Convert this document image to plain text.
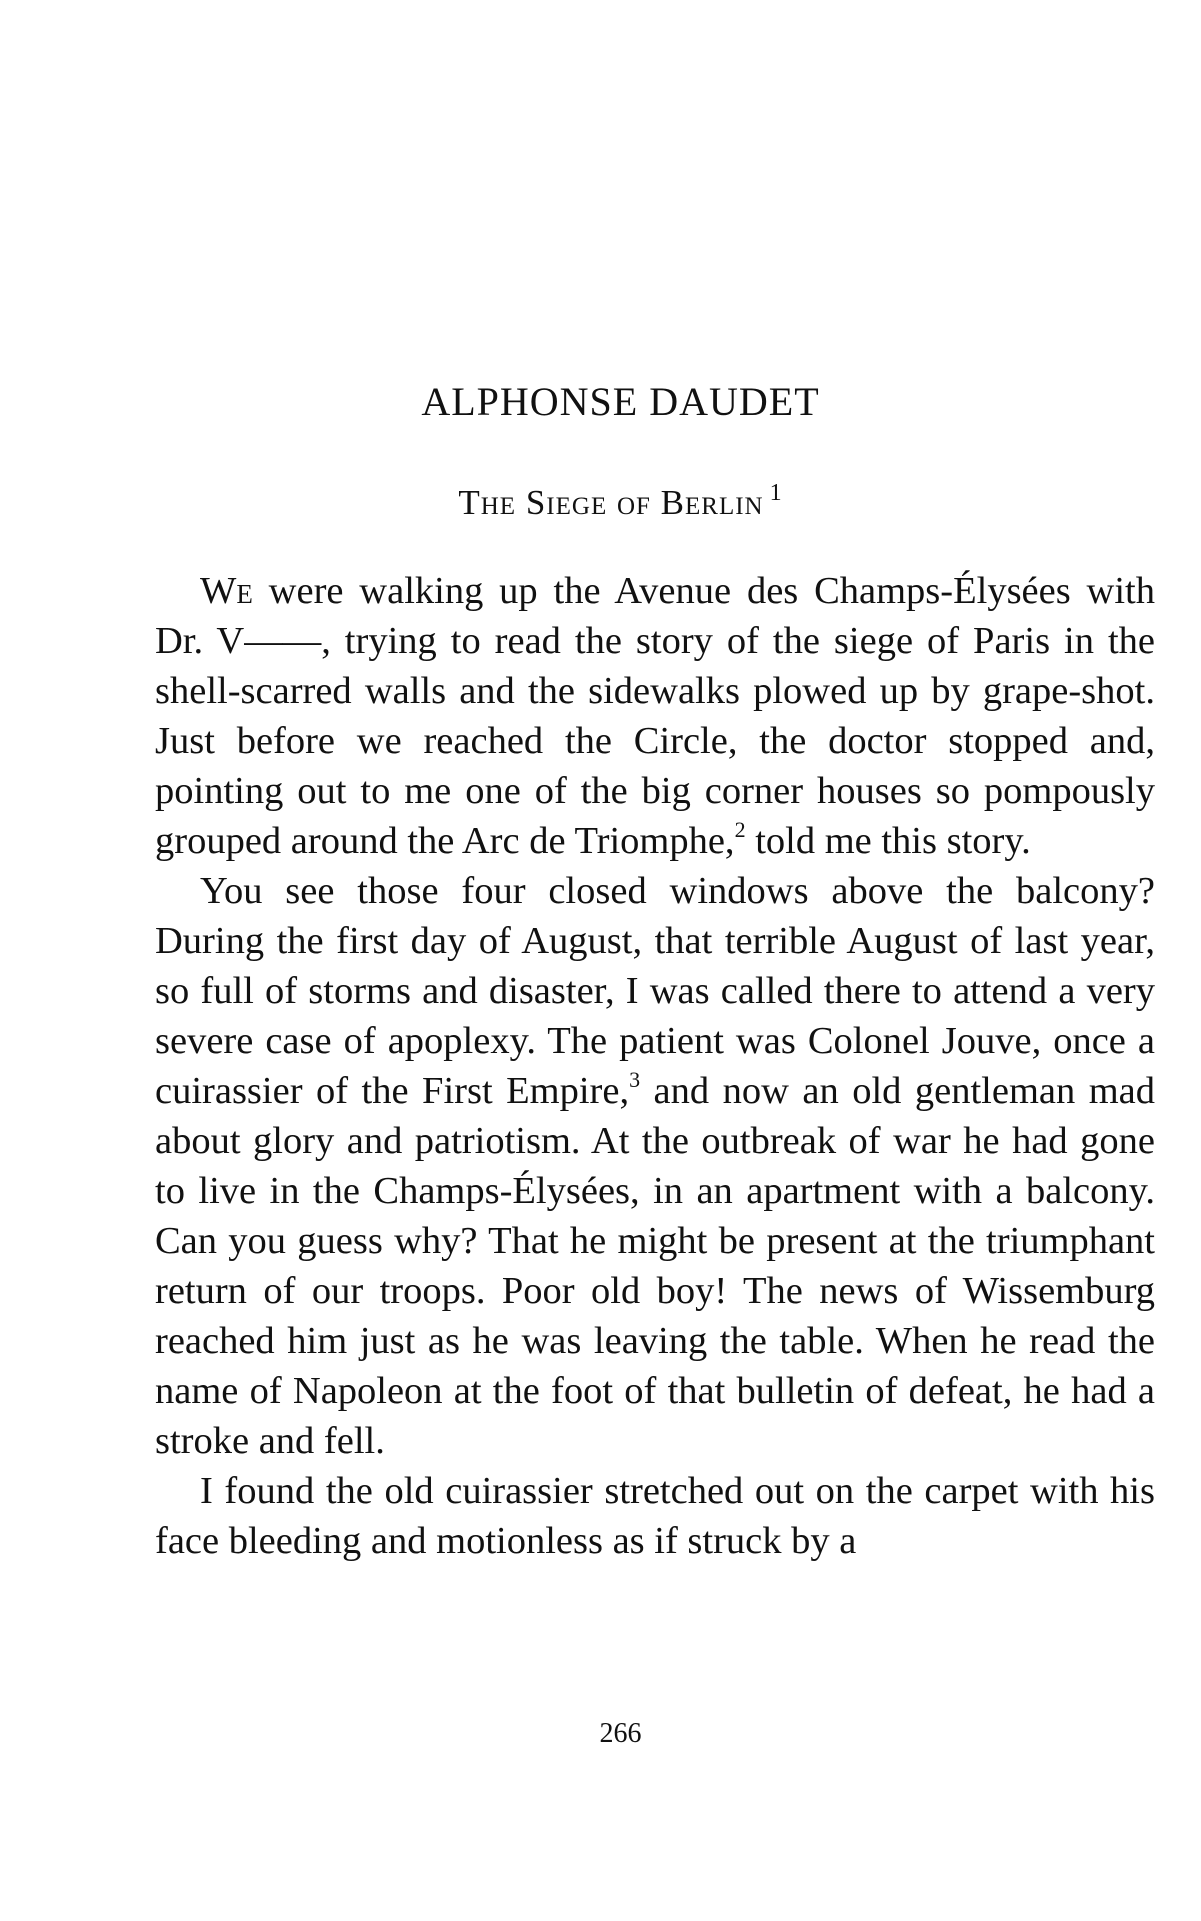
ALPHONSE DAUDET
The Siege of Berlin $^1$

We were walking up the Avenue des Champs-Élysées with Dr. V——, trying to read the story of the siege of Paris in the shell-scarred walls and the sidewalks plowed up by grape-shot. Just before we reached the Circle, the doctor stopped and, pointing out to me one of the big corner houses so pompously grouped around the Arc de Triomphe,$^2$ told me this story.

You see those four closed windows above the balcony? During the first day of August, that terrible August of last year, so full of storms and disaster, I was called there to attend a very severe case of apoplexy. The patient was Colonel Jouve, once a cuirassier of the First Empire,$^3$ and now an old gentleman mad about glory and patriotism. At the outbreak of war he had gone to live in the Champs-Élysées, in an apartment with a balcony. Can you guess why? That he might be present at the triumphant return of our troops. Poor old boy! The news of Wissemburg reached him just as he was leaving the table. When he read the name of Napoleon at the foot of that bulletin of defeat, he had a stroke and fell.

I found the old cuirassier stretched out on the carpet with his face bleeding and motionless as if struck by a

266
